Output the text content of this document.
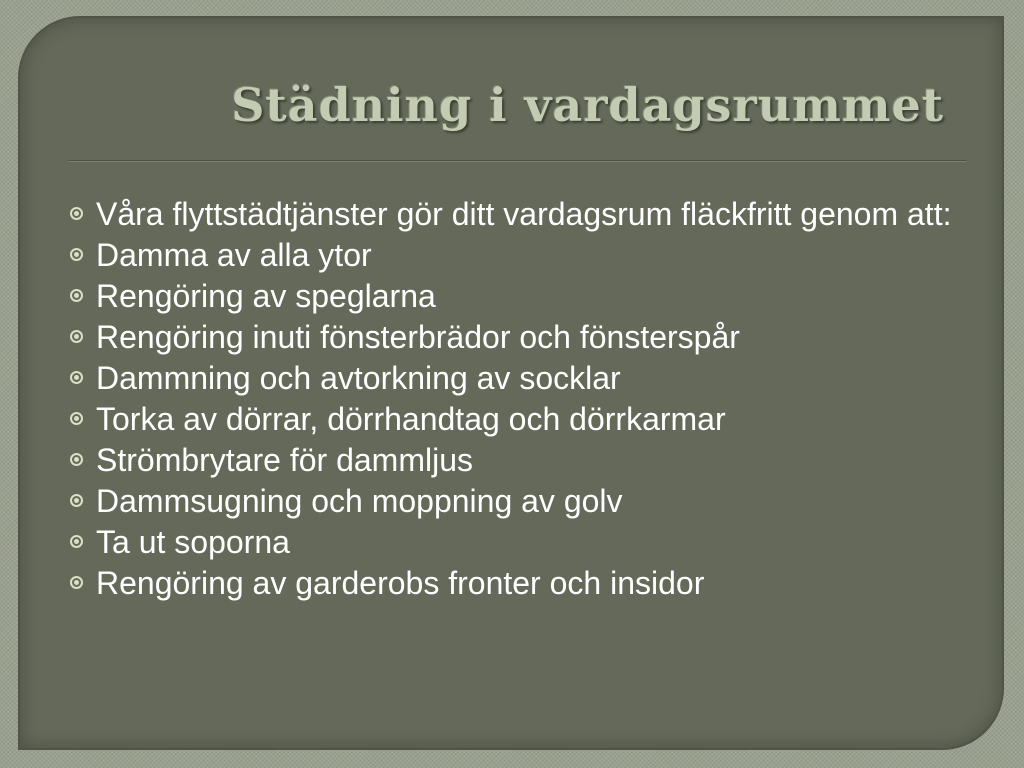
Städning i vardagsrummet
Våra flyttstädtjänster gör ditt vardagsrum fläckfritt genom att:
Damma av alla ytor
Rengöring av speglarna
Rengöring inuti fönsterbrädor och fönsterspår
Dammning och avtorkning av socklar
Torka av dörrar, dörrhandtag och dörrkarmar
Strömbrytare för dammljus
Dammsugning och moppning av golv
Ta ut soporna
Rengöring av garderobs fronter och insidor
